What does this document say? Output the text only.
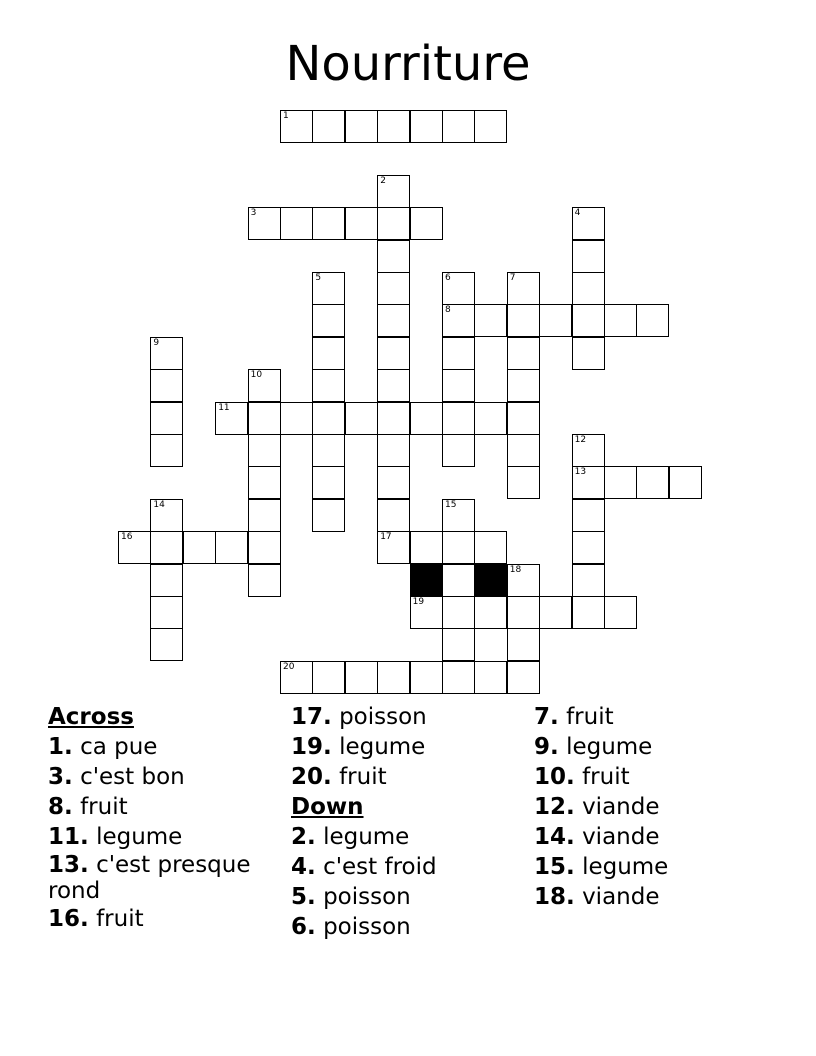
Nourriture
1
2
17
3	4
5	6
8
7
9
10
11
12
13
14	15
16
18
19
20
Across
1. ca pue
3. c'est bon
8. fruit
11. legume
13. c'est presque rond
16. fruit
17. poisson
19. legume
20. fruit
Down
2. legume
4. c'est froid
5. poisson
6. poisson
7. fruit
9. legume
10. fruit
12. viande
14. viande
15. legume
18. viande
